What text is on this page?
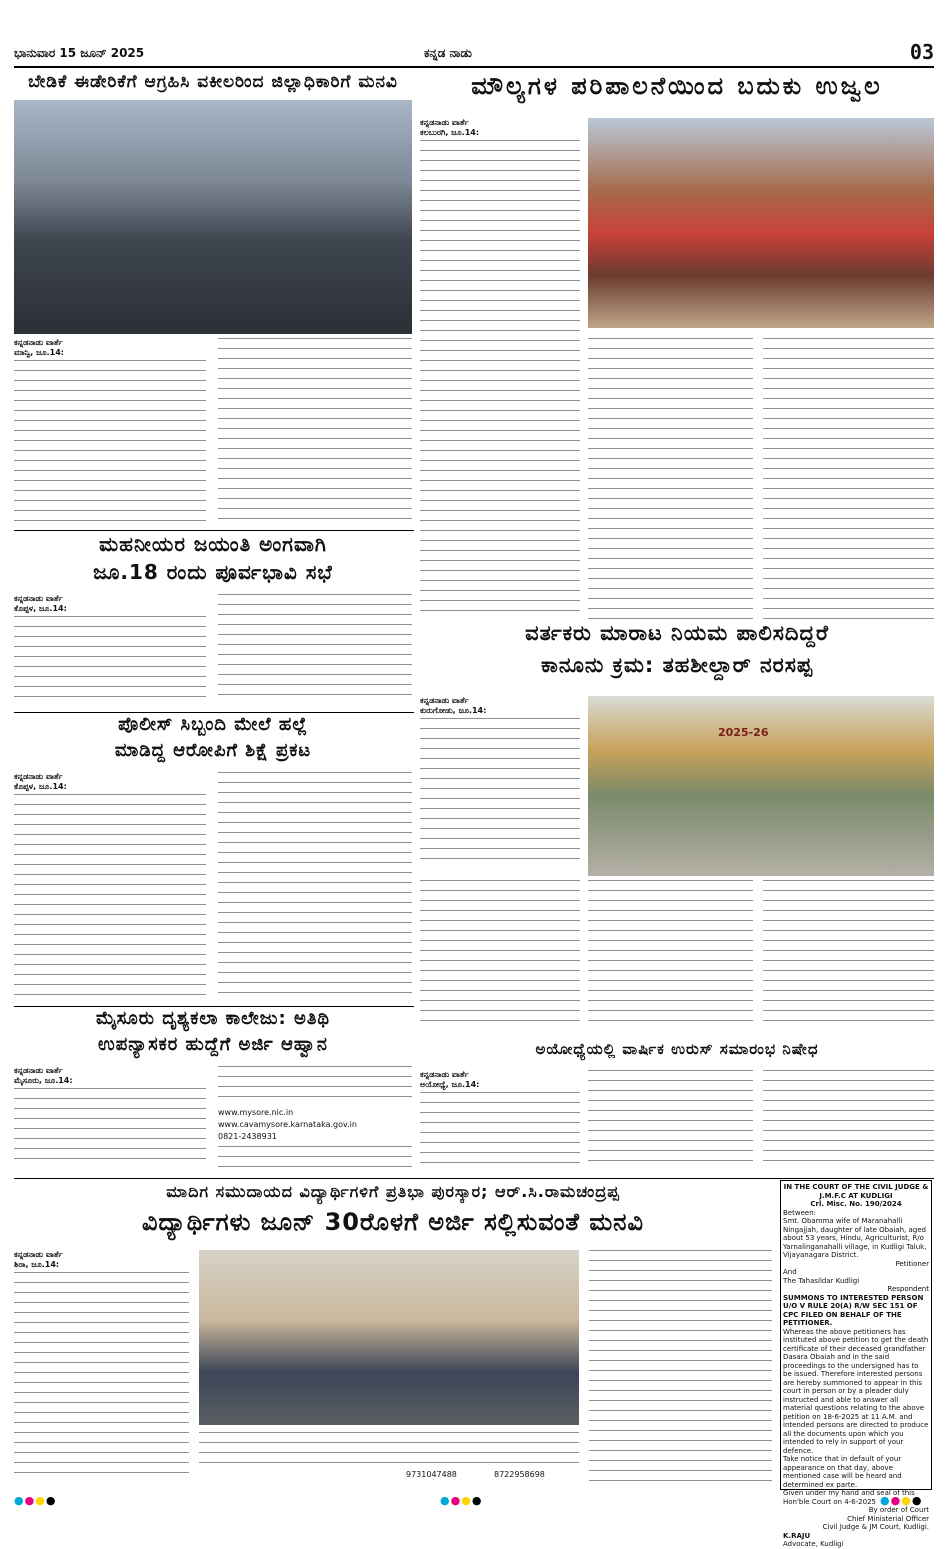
ಭಾನುವಾರ 15 ಜೂನ್ 2025	ಕನ್ನಡ ನಾಡು	03
ಬೇಡಿಕೆ ಈಡೇರಿಕೆಗೆ ಆಗ್ರಹಿಸಿ ವಕೀಲರಿಂದ ಜಿಲ್ಲಾಧಿಕಾರಿಗೆ ಮನವಿ
ಕನ್ನಡನಾಡು ವಾರ್ತೆ
ಮಾನ್ವಿ, ಜೂ.14:
ಮೌಲ್ಯಗಳ ಪರಿಪಾಲನೆಯಿಂದ ಬದುಕು ಉಜ್ವಲ
ಕನ್ನಡನಾಡು ವಾರ್ತೆ
ಕಲಬುರಗಿ, ಜೂ.14:
ಮಹನೀಯರ ಜಯಂತಿ ಅಂಗವಾಗಿ
ಜೂ.18 ರಂದು ಪೂರ್ವಭಾವಿ ಸಭೆ
ಕನ್ನಡನಾಡು ವಾರ್ತೆ
ಕೊಪ್ಪಳ, ಜೂ.14:
ಪೊಲೀಸ್ ಸಿಬ್ಬಂದಿ ಮೇಲೆ ಹಲ್ಲೆ
ಮಾಡಿದ್ದ ಆರೋಪಿಗೆ ಶಿಕ್ಷೆ ಪ್ರಕಟ
ಕನ್ನಡನಾಡು ವಾರ್ತೆ
ಕೊಪ್ಪಳ, ಜೂ.14:
ವರ್ತಕರು ಮಾರಾಟ ನಿಯಮ ಪಾಲಿಸದಿದ್ದರೆ
ಕಾನೂನು ಕ್ರಮ: ತಹಶೀಲ್ದಾರ್ ನರಸಪ್ಪ
ಕನ್ನಡನಾಡು ವಾರ್ತೆ
ಕುರುಗೋಡು, ಜೂ.14:
2025-26
ಮೈಸೂರು ದೃಶ್ಯಕಲಾ ಕಾಲೇಜು: ಅತಿಥಿ
ಉಪನ್ಯಾಸಕರ ಹುದ್ದೆಗೆ ಅರ್ಜಿ ಆಹ್ವಾನ
ಕನ್ನಡನಾಡು ವಾರ್ತೆ
ಮೈಸೂರು, ಜೂ.14:
www.mysore.nic.in
www.cavamysore.karnataka.gov.in
0821-2438931
ಅಯೋಧ್ಯೆಯಲ್ಲಿ ವಾರ್ಷಿಕ ಉರುಸ್ ಸಮಾರಂಭ ನಿಷೇಧ
ಕನ್ನಡನಾಡು ವಾರ್ತೆ
ಅಯೋಧ್ಯೆ, ಜೂ.14:
ಮಾದಿಗ ಸಮುದಾಯದ ವಿದ್ಯಾರ್ಥಿಗಳಿಗೆ ಪ್ರತಿಭಾ ಪುರಸ್ಕಾರ; ಆರ್.ಸಿ.ರಾಮಚಂದ್ರಪ್ಪ
ವಿದ್ಯಾರ್ಥಿಗಳು ಜೂನ್ 30ರೊಳಗೆ ಅರ್ಜಿ ಸಲ್ಲಿಸುವಂತೆ ಮನವಿ
ಕನ್ನಡನಾಡು ವಾರ್ತೆ
ಶಿರಾ, ಜೂ.14:
9731047488	8722958698
IN THE COURT OF THE CIVIL JUDGE &
J.M.F.C AT KUDLIGI
Crl. Misc. No. 190/2024
Between:
Smt. Obamma wife of Maranahalli Ningajjah, daughter of late Obaiah, aged about 53 years, Hindu, Agriculturist, R/o Yarnalinganahalli village, in Kudligi Taluk, Vijayanagara District.
Petitioner
And
The Tahasildar Kudligi
Respondent
SUMMONS TO INTERESTED PERSON U/O V RULE 20(A) R/W SEC 151 OF CPC FILED ON BEHALF OF THE PETITIONER.
Whereas the above petitioners has instituted above petition to get the death certificate of their deceased grandfather Dasara Obaiah and in the said proceedings to the undersigned has to be issued. Therefore interested persons are hereby summoned to appear in this court in person or by a pleader duly instructed and able to answer all material questions relating to the above petition on 18-6-2025 at 11 A.M. and intended persons are directed to produce all the documents upon which you intended to rely in support of your defence.
Take notice that in default of your appearance on that day, above mentioned case will be heard and determined ex parte.
Given under my hand and seal of this Hon'ble Court on 4-6-2025
By order of Court
Chief Ministerial Officer
Civil Judge & JM Court, Kudligi.
K.RAJU
Advocate, Kudligi
●●●●	●●●●	●●●●
